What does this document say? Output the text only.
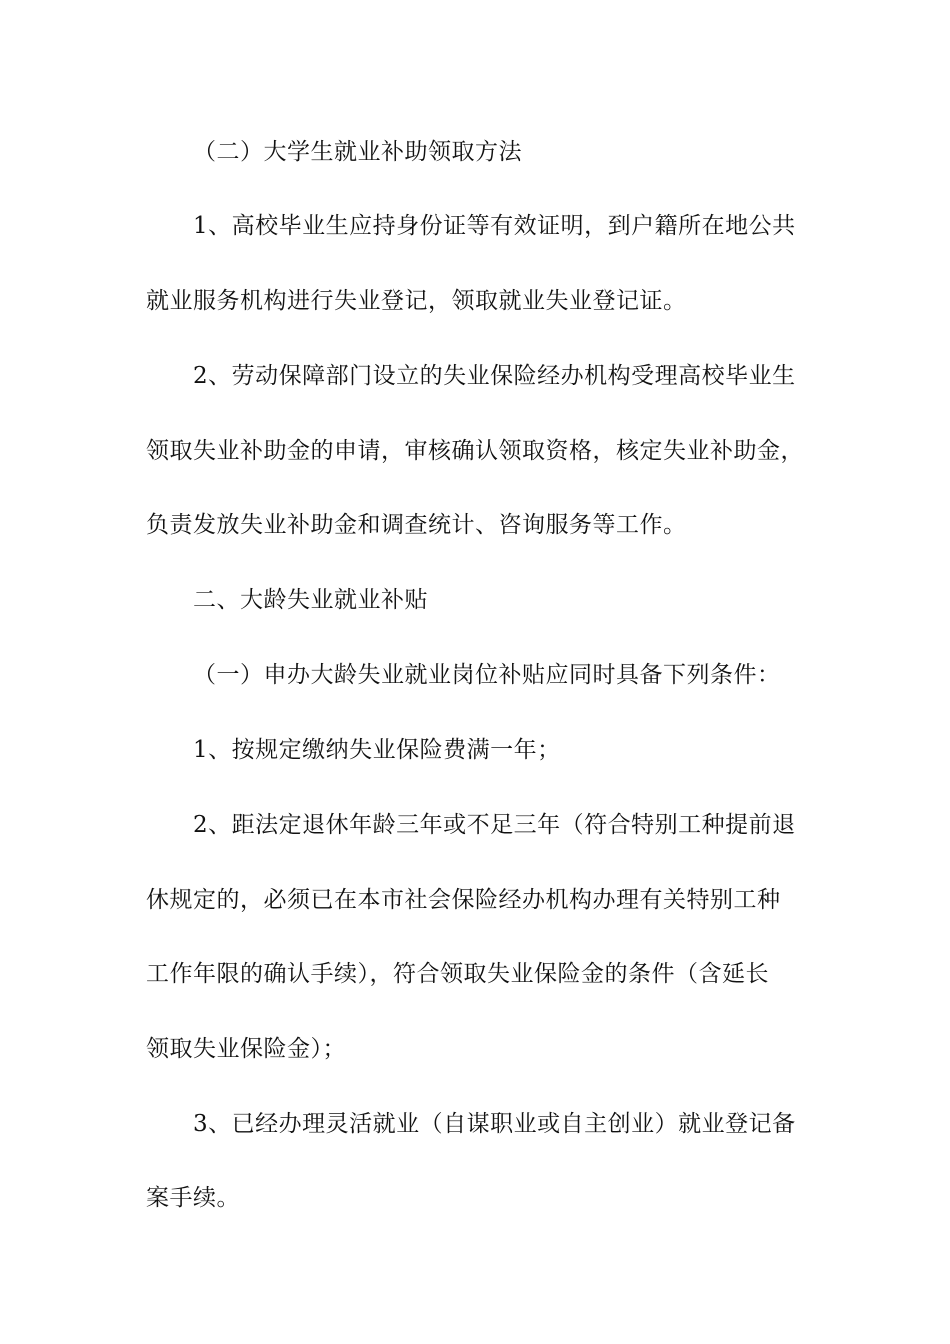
（二）大学生就业补助领取方法
1、高校毕业生应持身份证等有效证明，到户籍所在地公共
就业服务机构进行失业登记，领取就业失业登记证。
2、劳动保障部门设立的失业保险经办机构受理高校毕业生
领取失业补助金的申请，审核确认领取资格，核定失业补助金，
负责发放失业补助金和调查统计、咨询服务等工作。
二、大龄失业就业补贴
（一）申办大龄失业就业岗位补贴应同时具备下列条件：
1、按规定缴纳失业保险费满一年；
2、距法定退休年龄三年或不足三年（符合特别工种提前退
休规定的，必须已在本市社会保险经办机构办理有关特别工种
工作年限的确认手续），符合领取失业保险金的条件（含延长
领取失业保险金）；
3、已经办理灵活就业（自谋职业或自主创业）就业登记备
案手续。
